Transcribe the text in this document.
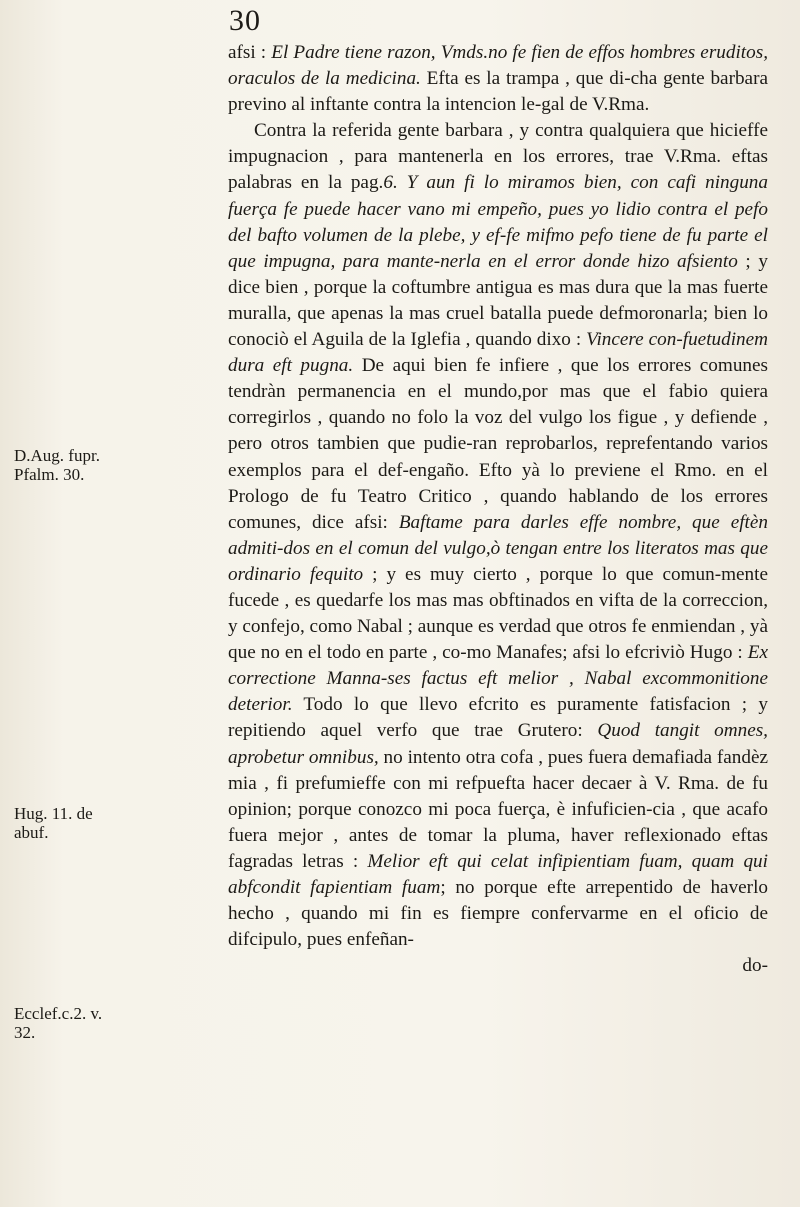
30
D.Aug. fupr.
Pfalm. 30.
Hug. 11. de
abuf.
Ecclef.c.2. v.
32.

afsi : El Padre tiene razon, Vmds.no fe fien de effos hombres eruditos, oraculos de la medicina. Efta es la trampa , que di-cha gente barbara previno al inftante contra la intencion le-gal de V.Rma.

Contra la referida gente barbara , y contra qualquiera que hicieffe impugnacion , para mantenerla en los errores, trae V.Rma. eftas palabras en la pag.6. Y aun fi lo miramos bien, con cafi ninguna fuerça fe puede hacer vano mi empeño, pues yo lidio contra el pefo del bafto volumen de la plebe, y ef-fe mifmo pefo tiene de fu parte el que impugna, para mante-nerla en el error donde hizo afsiento ; y dice bien , porque la coftumbre antigua es mas dura que la mas fuerte muralla, que apenas la mas cruel batalla puede defmoronarla; bien lo conociò el Aguila de la Iglefia , quando dixo : Vincere con-fuetudinem dura eft pugna. De aqui bien fe infiere , que los errores comunes tendràn permanencia en el mundo,por mas que el fabio quiera corregirlos , quando no folo la voz del vulgo los figue , y defiende , pero otros tambien que pudie-ran reprobarlos, reprefentando varios exemplos para el def-engaño. Efto yà lo previene el Rmo. en el Prologo de fu Teatro Critico , quando hablando de los errores comunes, dice afsi: Baftame para darles effe nombre, que eftèn admiti-dos en el comun del vulgo,ò tengan entre los literatos mas que ordinario fequito ; y es muy cierto , porque lo que comun-mente fucede , es quedarfe los mas mas obftinados en vifta de la correccion, y confejo, como Nabal ; aunque es verdad que otros fe enmiendan , yà que no en el todo en parte , co-mo Manafes; afsi lo efcriviò Hugo : Ex correctione Manna-ses factus eft melior , Nabal excommonitione deterior. Todo lo que llevo efcrito es puramente fatisfacion ; y repitiendo aquel verfo que trae Grutero: Quod tangit omnes, aprobetur omnibus, no intento otra cofa , pues fuera demafiada fandèz mia , fi prefumieffe con mi refpuefta hacer decaer à V. Rma. de fu opinion; porque conozco mi poca fuerça, è infuficien-cia , que acafo fuera mejor , antes de tomar la pluma, haver reflexionado eftas fagradas letras : Melior eft qui celat infipientiam fuam, quam qui abfcondit fapientiam fuam; no porque efte arrepentido de haverlo hecho , quando mi fin es fiempre confervarme en el oficio de difcipulo, pues enfeñan-

do-
